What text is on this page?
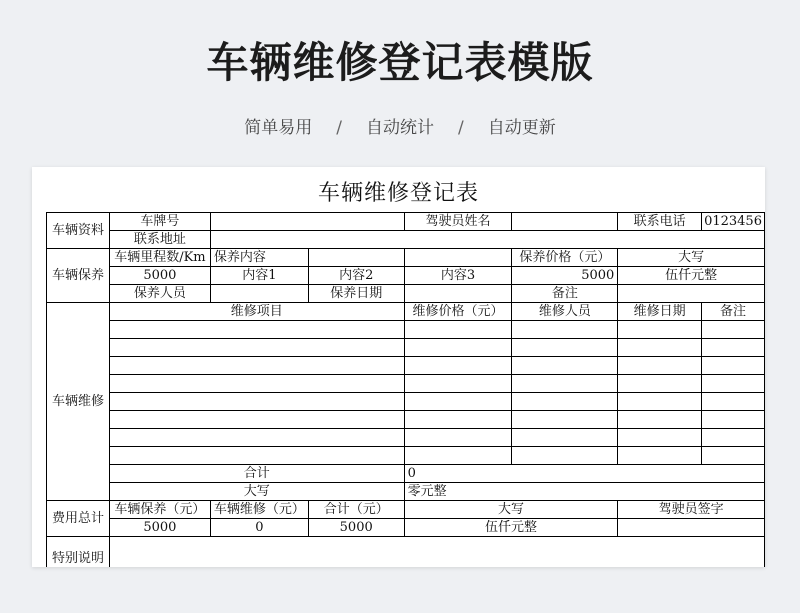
车辆维修登记表模版
简单易用 / 自动统计 / 自动更新
车辆维修登记表
车辆资料	车牌号			驾驶员姓名		联系电话	0123456
	联系地址						
车辆保养	车辆里程数/Km	保养内容			保养价格（元）	大写	
	5000	内容1	内容2	内容3	5000	伍仟元整	
	保养人员		保养日期		备注		
车辆维修	维修项目			维修价格（元）	维修人员	维修日期	备注

	合计			0			
	大写			零元整			
费用总计	车辆保养（元）	车辆维修（元）	合计（元）	大写		驾驶员签字	
	5000	0	5000	伍仟元整			
特别说明							
